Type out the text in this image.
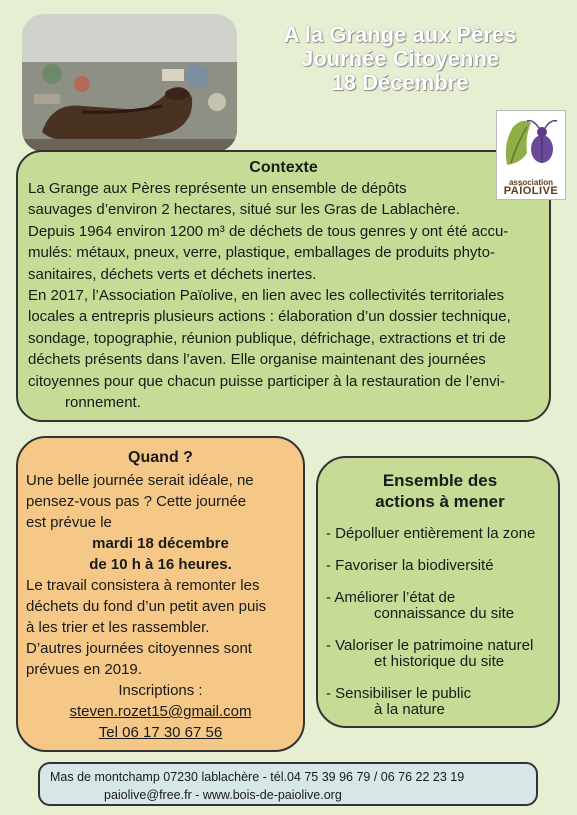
A la Grange aux Pères
Journée Citoyenne
18 Décembre
Contexte
La Grange aux Pères représente un ensemble de dépôts
sauvages d’environ 2 hectares, situé sur les Gras de Lablachère.
Depuis 1964 environ 1200 m³ de déchets de tous genres y ont été accu-
mulés: métaux, pneux, verre, plastique, emballages de produits phyto-
sanitaires, déchets verts et déchets inertes.
En 2017, l’Association Païolive, en lien avec les collectivités territoriales
locales a entrepris plusieurs actions : élaboration d’un dossier technique,
sondage, topographie, réunion publique, défrichage, extractions et tri de
déchets présents dans l’aven. Elle organise maintenant des journées
citoyennes pour que chacun puisse participer à la restauration de l’envi-
ronnement.
association
PAÏOLIVE
Quand ?
Une belle journée serait idéale, ne
pensez-vous pas ? Cette journée
est prévue le
mardi 18 décembre
de 10 h à 16 heures.
Le travail consistera à remonter les
déchets du fond d’un petit aven puis
à les trier et les rassembler.
D’autres journées citoyennes sont
prévues en 2019.
Inscriptions :
steven.rozet15@gmail.com
Tel 06 17 30 67 56
Ensemble des
actions à mener
- Dépolluer entièrement la zone
- Favoriser la biodiversité
- Améliorer l’état de
connaissance du site
- Valoriser le patrimoine naturel
et historique du site
- Sensibiliser le public
à la nature
Mas de montchamp 07230 lablachère - tél.04 75 39 96 79 / 06 76 22 23 19
paiolive@free.fr - www.bois-de-paiolive.org
